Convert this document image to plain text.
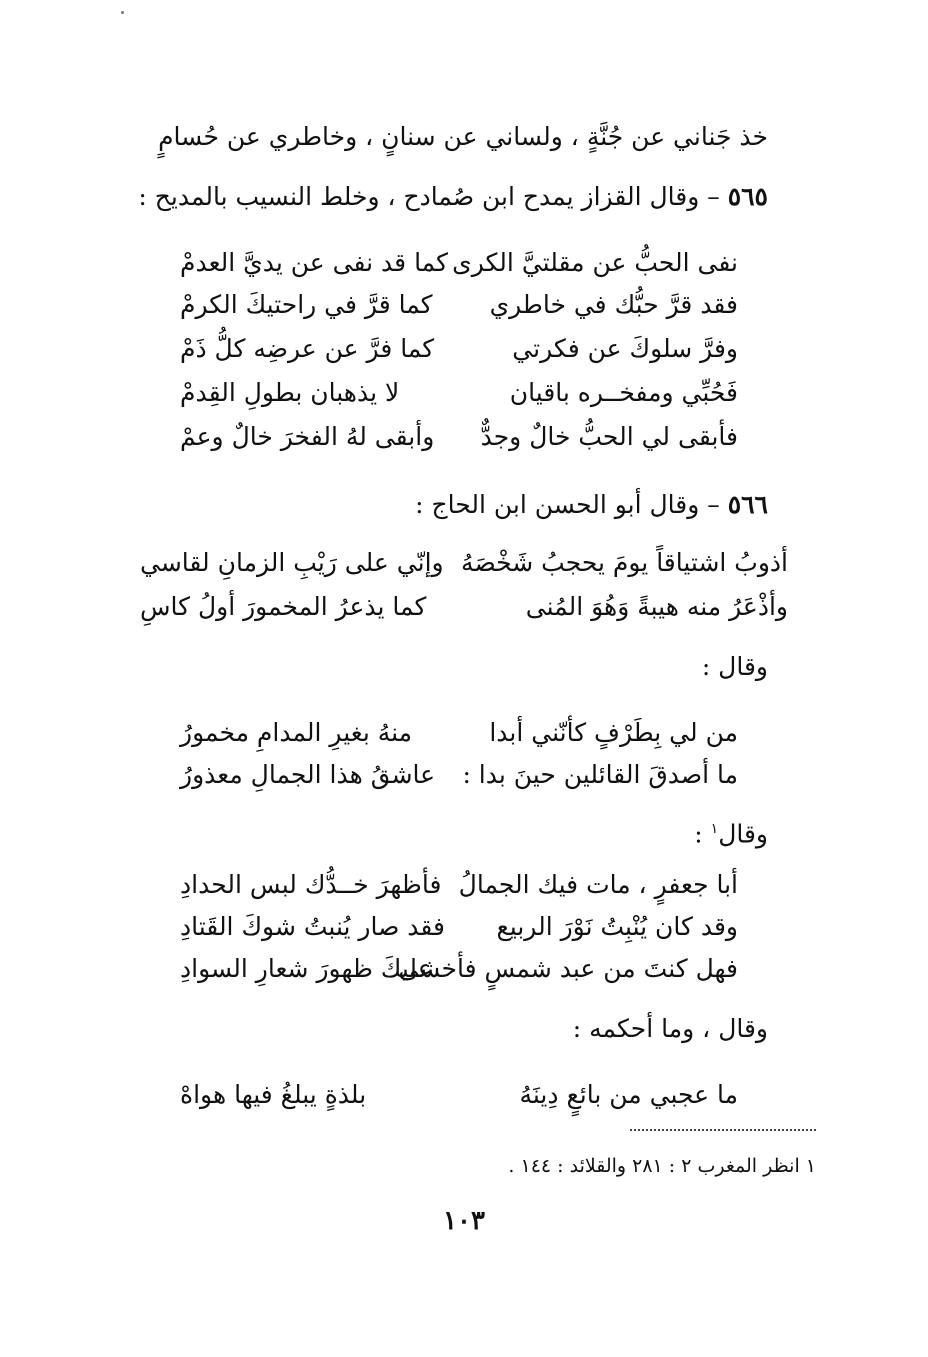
خذ جَناني عن جُنَّةٍ ، ولساني عن سنانٍ ، وخاطري عن حُسامٍ
٥٦٥ – وقال القزاز يمدح ابن صُمادح ، وخلط النسيب بالمديح :
نفى الحبُّ عن مقلتيَّ الكرى
كما قد نفى عن يديَّ العدمْ
فقد قرَّ حبُّك في خاطري
كما قرَّ في راحتيكَ الكرمْ
وفرَّ سلوكَ عن فكرتي
كما فرَّ عن عرضِه كلُّ ذَمْ
فَحُبِّي ومفخــره باقيان
لا يذهبان بطولِ القِدمْ
فأبقى لي الحبُّ خالٌ وجدٌّ
وأبقى لهُ الفخرَ خالٌ وعمْ
٥٦٦ – وقال أبو الحسن ابن الحاج :
أذوبُ اشتياقاً يومَ يحجبُ شَخْصَهُ
وإنّي على رَيْبِ الزمانِ لقاسي
وأذْعَرُ منه هيبةً وَهُوَ المُنى
كما يذعرُ المخمورَ أولُ كاسِ
وقال :
من لي بِطَرْفٍ كأنّني أبدا
منهُ بغيرِ المدامِ مخمورُ
ما أصدقَ القائلين حينَ بدا :
عاشقُ هذا الجمالِ معذورُ
وقال$^١$ :
أبا جعفرٍ ، مات فيك الجمالُ
فأظهرَ خــدُّك لبس الحدادِ
وقد كان يُنْبِتُ نَوْرَ الربيع
فقد صار يُنبتُ شوكَ القَتادِ
فهل كنتَ من عبد شمسٍ فأخشى
عليكَ ظهورَ شعارِ السوادِ
وقال ، وما أحكمه :
ما عجبي من بائعٍ دِينَهُ
بلذةٍ يبلغُ فيها هواهْ
١ انظر المغرب ٢ : ٢٨١ والقلائد : ١٤٤ .
١٠٣
